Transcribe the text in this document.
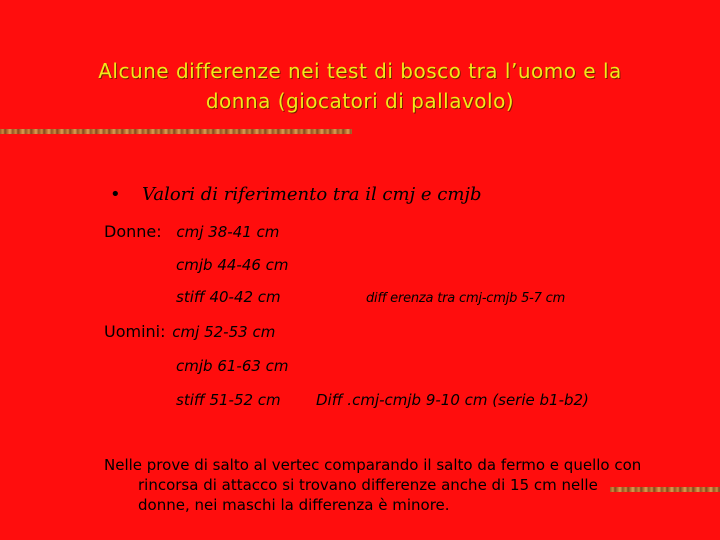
Alcune differenze nei test di bosco tra l’uomo e la
donna (giocatori di pallavolo)
• Valori di riferimento tra il cmj e cmjb
Donne: cmj 38-41 cm
cmjb 44-46 cm
stiff 40-42 cm	diff erenza tra cmj-cmjb 5-7 cm
Uomini: cmj 52-53 cm
cmjb 61-63 cm
stiff 51-52 cm Diff .cmj-cmjb 9-10 cm (serie b1-b2)
Nelle prove di salto al vertec comparando il salto da fermo e quello con
rincorsa di attacco si trovano differenze anche di 15 cm nelle
donne, nei maschi la differenza è minore.
